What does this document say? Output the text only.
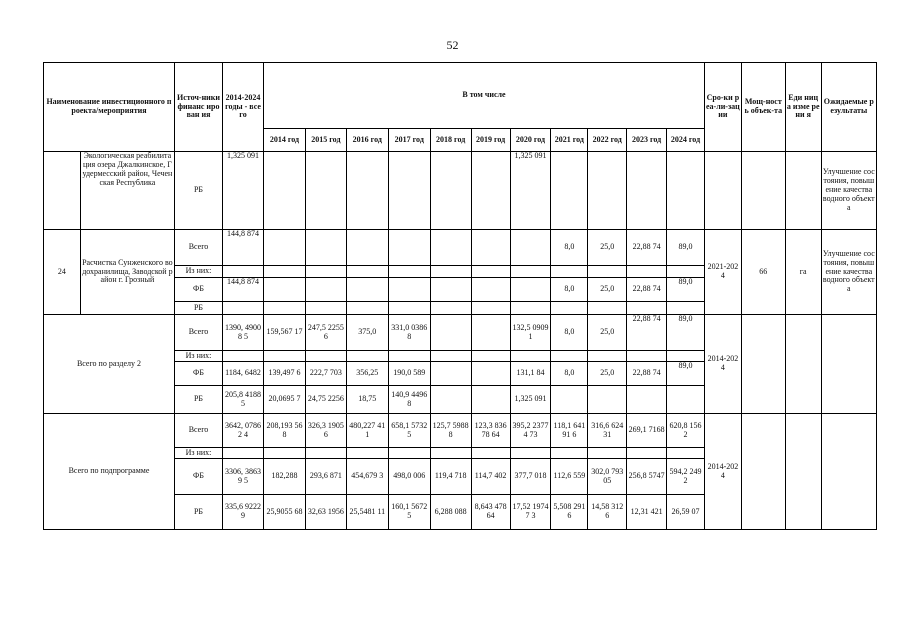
52
Наименование инвестиционного проекта/мероприятия		Источ-ники финанс ирован ия	2014-2024 годы - всего	В том числе											Сро-ки реа-ли-зации	Мощ-ность объек-та	Еди ниц а изме рени я	Ожидаемые результаты
				2014 год	2015 год	2016 год	2017 год	2018 год	2019 год	2020 год	2021 год	2022 год	2023 год	2024 год				
	Экологическая реабилитация озера Джалкинское, Гудермесский район, Чеченская Республика	РБ	1,325 091							1,325 091								Улучшение состояния, повышение качества водного объекта
24	Расчистка Сунженского водохранилища, Заводской район г. Грозный	Всего	144,8 874								8,0	25,0	22,88 74	89,0	2021-2024	66	га	Улучшение состояния, повышение качества водного объекта
		Из них:																
		ФБ	144,8 874								8,0	25,0	22,88 74	89,0				
		РБ																
Всего по разделу 2		Всего	1390, 49008 5	159,567 17	247,5 22556	375,0	331,0 03868			132,5 09091	8,0	25,0	22,88 74	89,0	2014-2024			
		Из них:																
		ФБ	1184, 6482	139,497 6	222,7 703	356,25	190,0 589			131,1 84	8,0	25,0	22,88 74	89,0				
		РБ	205,8 41885	20,0695 7	24,75 2256	18,75	140,9 44968			1,325 091								
Всего по подпрограмме		Всего	3642, 07862 4	208,193 568	326,3 19056	480,227 411	658,1 57325	125,7 59888	123,3 83678 64	395,2 23774 73	118,1 64191 6	316,6 62431	269,1 7168	620,8 1562	2014-2024			
		Из них:																
		ФБ	3306, 38639 5	182,288	293,6 871	454,679 3	498,0 006	119,4 718	114,7 402	377,7 018	112,6 559	302,0 79305	256,8 5747	594,2 2492				
		РБ	335,6 92229	25,9055 68	32,63 1956	25,5481 11	160,1 56725	6,288 088	8,643 47864	17,52 19747 3	5,508 2916	14,58 3126	12,31 421	26,59 07				
